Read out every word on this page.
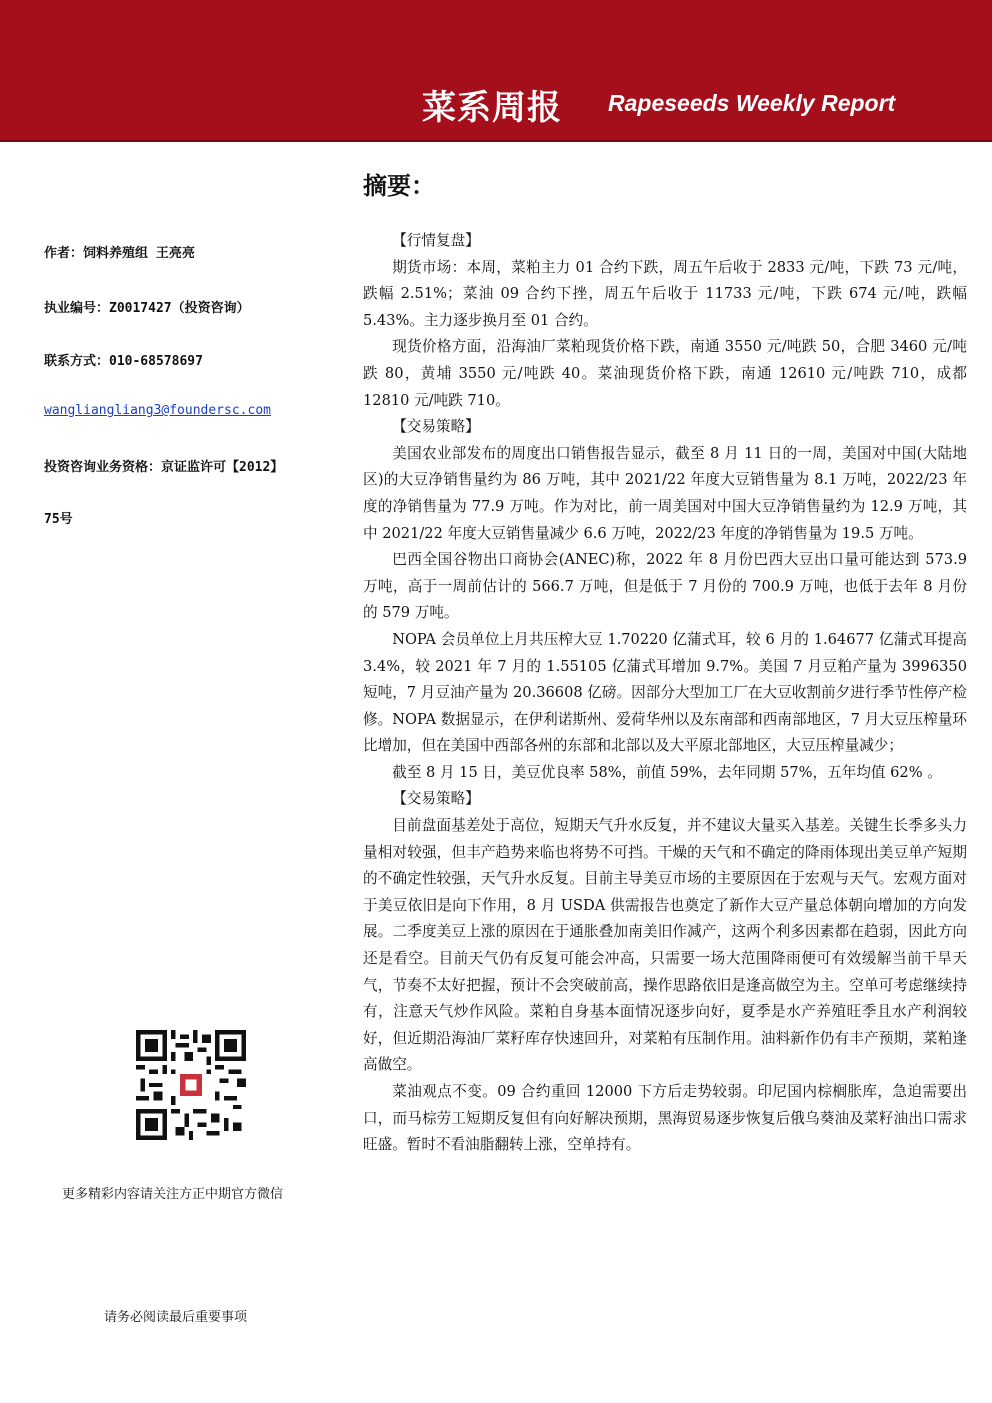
菜系周报 Rapeseeds Weekly Report
摘要：
作者：饲料养殖组 王亮亮
执业编号：Z0017427（投资咨询）
联系方式：010-68578697
wangliangliang3@foundersc.com
投资咨询业务资格：京证监许可【2012】
75号
更多精彩内容请关注方正中期官方微信
请务必阅读最后重要事项

【行情复盘】

期货市场：本周，菜粕主力 01 合约下跌，周五午后收于 2833 元/吨，下跌 73 元/吨，跌幅 2.51%；菜油 09 合约下挫，周五午后收于 11733 元/吨，下跌 674 元/吨，跌幅 5.43%。主力逐步换月至 01 合约。

现货价格方面，沿海油厂菜粕现货价格下跌，南通 3550 元/吨跌 50，合肥 3460 元/吨跌 80，黄埔 3550 元/吨跌 40。菜油现货价格下跌，南通 12610 元/吨跌 710，成都 12810 元/吨跌 710。

【交易策略】

美国农业部发布的周度出口销售报告显示，截至 8 月 11 日的一周，美国对中国(大陆地区)的大豆净销售量约为 86 万吨，其中 2021/22 年度大豆销售量为 8.1 万吨，2022/23 年度的净销售量为 77.9 万吨。作为对比，前一周美国对中国大豆净销售量约为 12.9 万吨，其中 2021/22 年度大豆销售量减少 6.6 万吨，2022/23 年度的净销售量为 19.5 万吨。

巴西全国谷物出口商协会(ANEC)称，2022 年 8 月份巴西大豆出口量可能达到 573.9 万吨，高于一周前估计的 566.7 万吨，但是低于 7 月份的 700.9 万吨，也低于去年 8 月份的 579 万吨。

NOPA 会员单位上月共压榨大豆 1.70220 亿蒲式耳，较 6 月的 1.64677 亿蒲式耳提高 3.4%，较 2021 年 7 月的 1.55105 亿蒲式耳增加 9.7%。美国 7 月豆粕产量为 3996350 短吨，7 月豆油产量为 20.36608 亿磅。因部分大型加工厂在大豆收割前夕进行季节性停产检修。NOPA 数据显示，在伊利诺斯州、爱荷华州以及东南部和西南部地区，7 月大豆压榨量环比增加，但在美国中西部各州的东部和北部以及大平原北部地区，大豆压榨量减少；

截至 8 月 15 日，美豆优良率 58%，前值 59%，去年同期 57%，五年均值 62% 。

【交易策略】

目前盘面基差处于高位，短期天气升水反复，并不建议大量买入基差。关键生长季多头力量相对较强，但丰产趋势来临也将势不可挡。干燥的天气和不确定的降雨体现出美豆单产短期的不确定性较强，天气升水反复。目前主导美豆市场的主要原因在于宏观与天气。宏观方面对于美豆依旧是向下作用，8 月 USDA 供需报告也奠定了新作大豆产量总体朝向增加的方向发展。二季度美豆上涨的原因在于通胀叠加南美旧作减产，这两个利多因素都在趋弱，因此方向还是看空。目前天气仍有反复可能会冲高，只需要一场大范围降雨便可有效缓解当前干旱天气，节奏不太好把握，预计不会突破前高，操作思路依旧是逢高做空为主。空单可考虑继续持有，注意天气炒作风险。菜粕自身基本面情况逐步向好，夏季是水产养殖旺季且水产利润较好，但近期沿海油厂菜籽库存快速回升，对菜粕有压制作用。油料新作仍有丰产预期，菜粕逢高做空。

菜油观点不变。09 合约重回 12000 下方后走势较弱。印尼国内棕榈胀库，急迫需要出口，而马棕劳工短期反复但有向好解决预期，黑海贸易逐步恢复后俄乌葵油及菜籽油出口需求旺盛。暂时不看油脂翻转上涨，空单持有。
